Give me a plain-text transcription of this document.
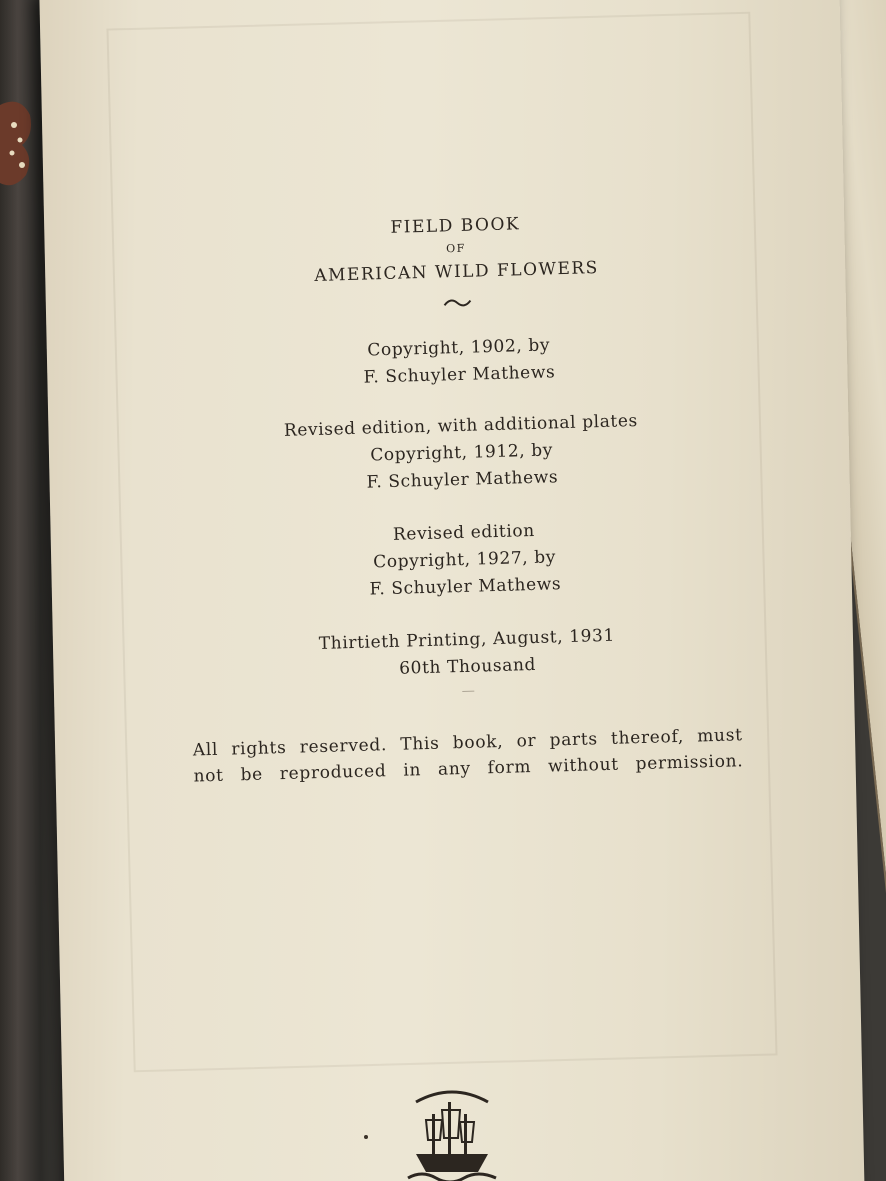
FIELD BOOK
OF
AMERICAN WILD FLOWERS
Copyright, 1902, by
F. Schuyler Mathews
Revised edition, with additional plates
Copyright, 1912, by
F. Schuyler Mathews
Revised edition
Copyright, 1927, by
F. Schuyler Mathews
Thirtieth Printing, August, 1931
60th Thousand
All rights reserved. This book, or parts thereof, must
not be reproduced in any form without permission.
